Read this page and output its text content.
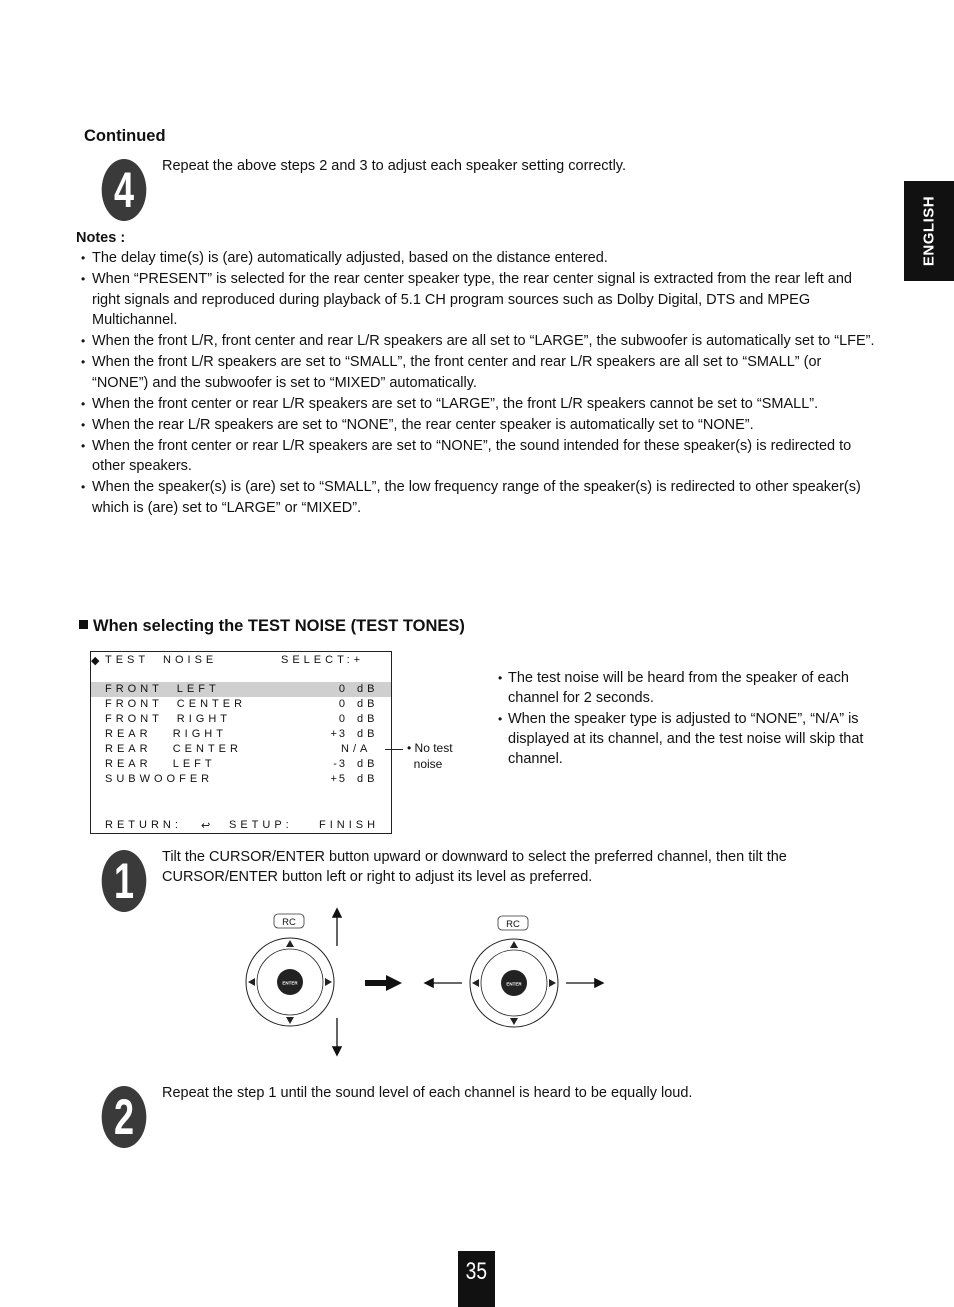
Continued
4	Repeat the above steps 2 and 3 to adjust each speaker setting correctly.
Notes :
• The delay time(s) is (are) automatically adjusted, based on the distance entered.
• When “PRESENT” is selected for the rear center speaker type, the rear center signal is extracted from the rear left and right signals and reproduced during playback of 5.1 CH program sources such as Dolby Digital, DTS and MPEG Multichannel.
• When the front L/R, front center and rear L/R speakers are all set to “LARGE”, the subwoofer is automatically set to “LFE”.
• When the front L/R speakers are set to “SMALL”, the front center and rear L/R speakers are all set to “SMALL” (or “NONE”) and the subwoofer is set to “MIXED” automatically.
• When the front center or rear L/R speakers are set to “LARGE”, the front L/R speakers cannot be set to “SMALL”.
• When the rear L/R speakers are set to “NONE”, the rear center speaker is automatically set to “NONE”.
• When the front center or rear L/R speakers are set to “NONE”, the sound intended for these speaker(s) is redirected to other speakers.
• When the speaker(s) is (are) set to “SMALL”, the low frequency range of the speaker(s) is redirected to other speaker(s) which is (are) set to “LARGE” or “MIXED”.
When selecting the TEST NOISE (TEST TONES)
◆ TEST  NOISE	SELECT:+
FRONT  LEFT	0 dB
FRONT  CENTER	0 dB
FRONT  RIGHT	0 dB
REAR   RIGHT	+3 dB
REAR   CENTER	N/A
REAR   LEFT	-3 dB
SUBWOOFER	+5 dB
RETURN: ↩ SETUP: FINISH
• No test
noise
• The test noise will be heard from the speaker of each channel for 2 seconds.
• When the speaker type is adjusted to “NONE”, “N/A” is displayed at its channel, and the test noise will skip that channel.
1	Tilt the CURSOR/ENTER button upward or downward to select the preferred channel, then tilt the CURSOR/ENTER button left or right to adjust its level as preferred.
RC	RC
ENTER	ENTER
2	Repeat the step 1 until the sound level of each channel is heard to be equally loud.
ENGLISH
35
